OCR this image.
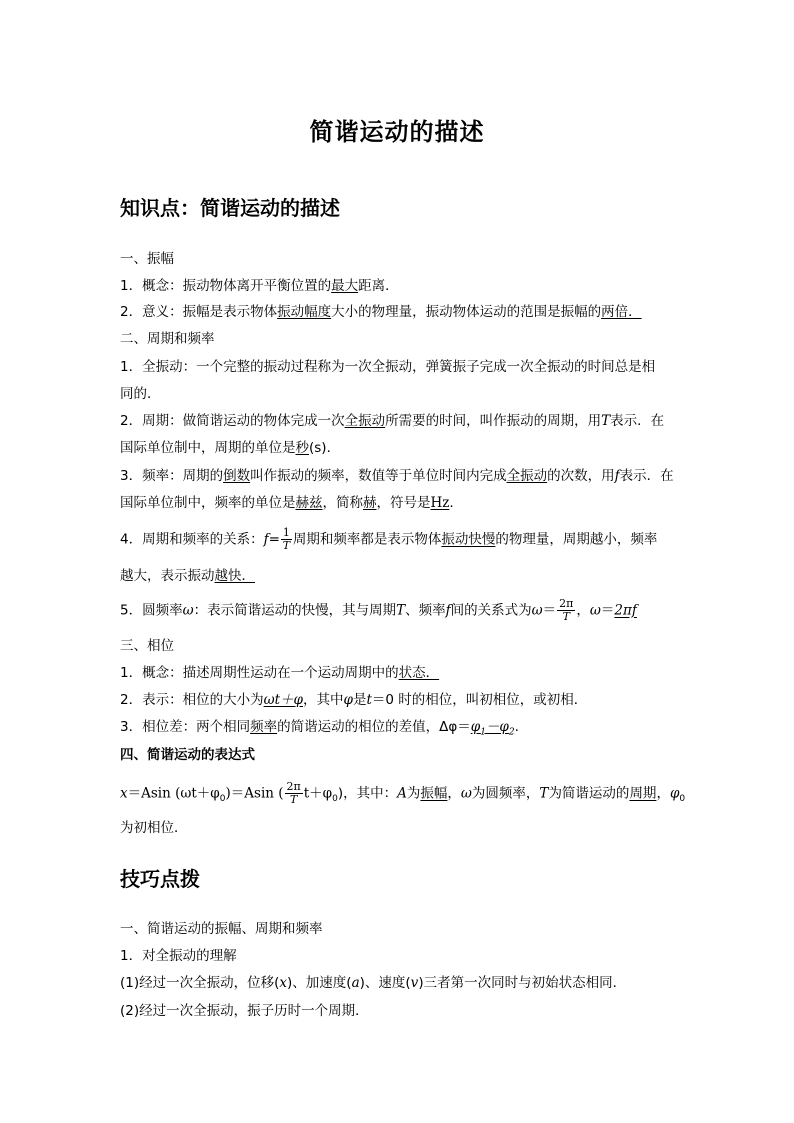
简谐运动的描述
知识点：简谐运动的描述
一、振幅
1．概念：振动物体离开平衡位置的最大距离．
2．意义：振幅是表示物体振动幅度大小的物理量，振动物体运动的范围是振幅的两倍．
二、周期和频率
1．全振动：一个完整的振动过程称为一次全振动，弹簧振子完成一次全振动的时间总是相
同的．
2．周期：做简谐运动的物体完成一次全振动所需要的时间，叫作振动的周期，用T表示．在
国际单位制中，周期的单位是秒(s)．
3．频率：周期的倒数叫作振动的频率，数值等于单位时间内完成全振动的次数，用f表示．在
国际单位制中，频率的单位是赫兹，简称赫，符号是Hz.
4．周期和频率的关系：$f= \frac{1}{T}$ 周期和频率都是表示物体振动快慢的物理量，周期越小，频率
越大，表示振动越快．
5．圆频率ω：表示简谐运动的快慢，其与周期T、频率f间的关系式为$\omega= \frac{2\pi}{T}$ ，ω＝2πf
三、相位
1．概念：描述周期性运动在一个运动周期中的状态．
2．表示：相位的大小为ωt＋φ，其中φ是t＝0 时的相位，叫初相位，或初相．
3．相位差：两个相同频率的简谐运动的相位的差值，$\Delta\varphi=\varphi_1-\varphi_2$.
四、简谐运动的表达式
x＝Asin $(\omega t+\varphi_0)=Asin$ ( $\frac{2\pi}{T} t+\varphi_0$)，其中：A为振幅，ω为圆频率，T为简谐运动的周期，$\varphi_0$
为初相位．
技巧点拨
一、简谐运动的振幅、周期和频率
1．对全振动的理解
(1)经过一次全振动，位移(x)、加速度(a)、速度(v)三者第一次同时与初始状态相同．
(2)经过一次全振动，振子历时一个周期．
